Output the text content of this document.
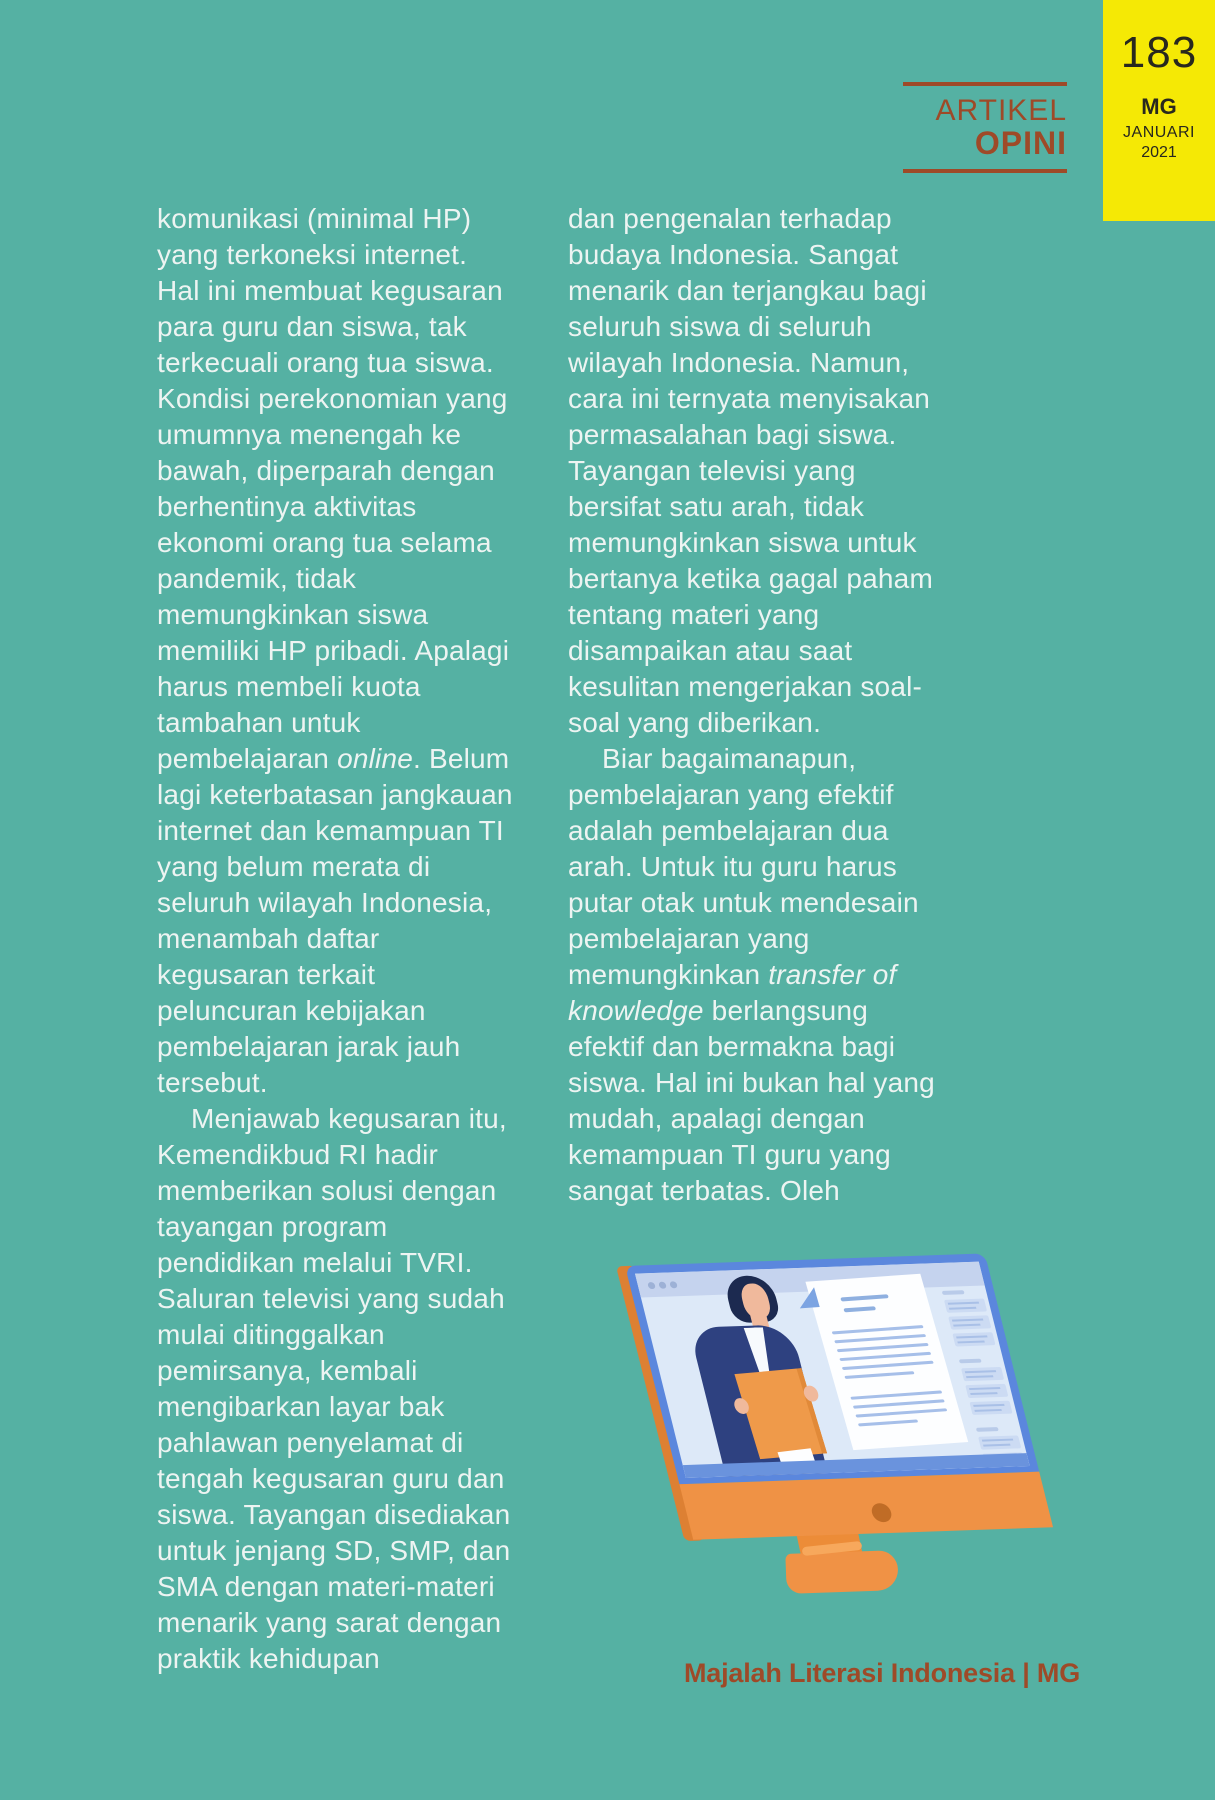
ARTIKEL
OPINI
183
MG
JANUARI
2021

komunikasi (minimal HP) yang terkoneksi internet. Hal ini membuat kegusaran para guru dan siswa, tak terkecuali orang tua siswa. Kondisi perekonomian yang umumnya menengah ke bawah, diperparah dengan berhentinya aktivitas ekonomi orang tua selama pandemik, tidak memungkinkan siswa memiliki HP pribadi. Apalagi harus membeli kuota tambahan untuk pembelajaran online. Belum lagi keterbatasan jangkauan internet dan kemampuan TI yang belum merata di seluruh wilayah Indonesia, menambah daftar kegusaran terkait peluncuran kebijakan pembelajaran jarak jauh tersebut.

Menjawab kegusaran itu, Kemendikbud RI hadir memberikan solusi dengan tayangan program pendidikan melalui TVRI. Saluran televisi yang sudah mulai ditinggalkan pemirsanya, kembali mengibarkan layar bak pahlawan penyelamat di tengah kegusaran guru dan siswa. Tayangan disediakan untuk jenjang SD, SMP, dan SMA dengan materi-materi menarik yang sarat dengan praktik kehidupan

dan pengenalan terhadap budaya Indonesia. Sangat menarik dan terjangkau bagi seluruh siswa di seluruh wilayah Indonesia. Namun, cara ini ternyata menyisakan permasalahan bagi siswa. Tayangan televisi yang bersifat satu arah, tidak memungkinkan siswa untuk bertanya ketika gagal paham tentang materi yang disampaikan atau saat kesulitan mengerjakan soal-soal yang diberikan.

Biar bagaimanapun, pembelajaran yang efektif adalah pembelajaran dua arah. Untuk itu guru harus putar otak untuk mendesain pembelajaran yang memungkinkan transfer of knowledge berlangsung efektif dan bermakna bagi siswa. Hal ini bukan hal yang mudah, apalagi dengan kemampuan TI guru yang sangat terbatas. Oleh

Majalah Literasi Indonesia | MG
